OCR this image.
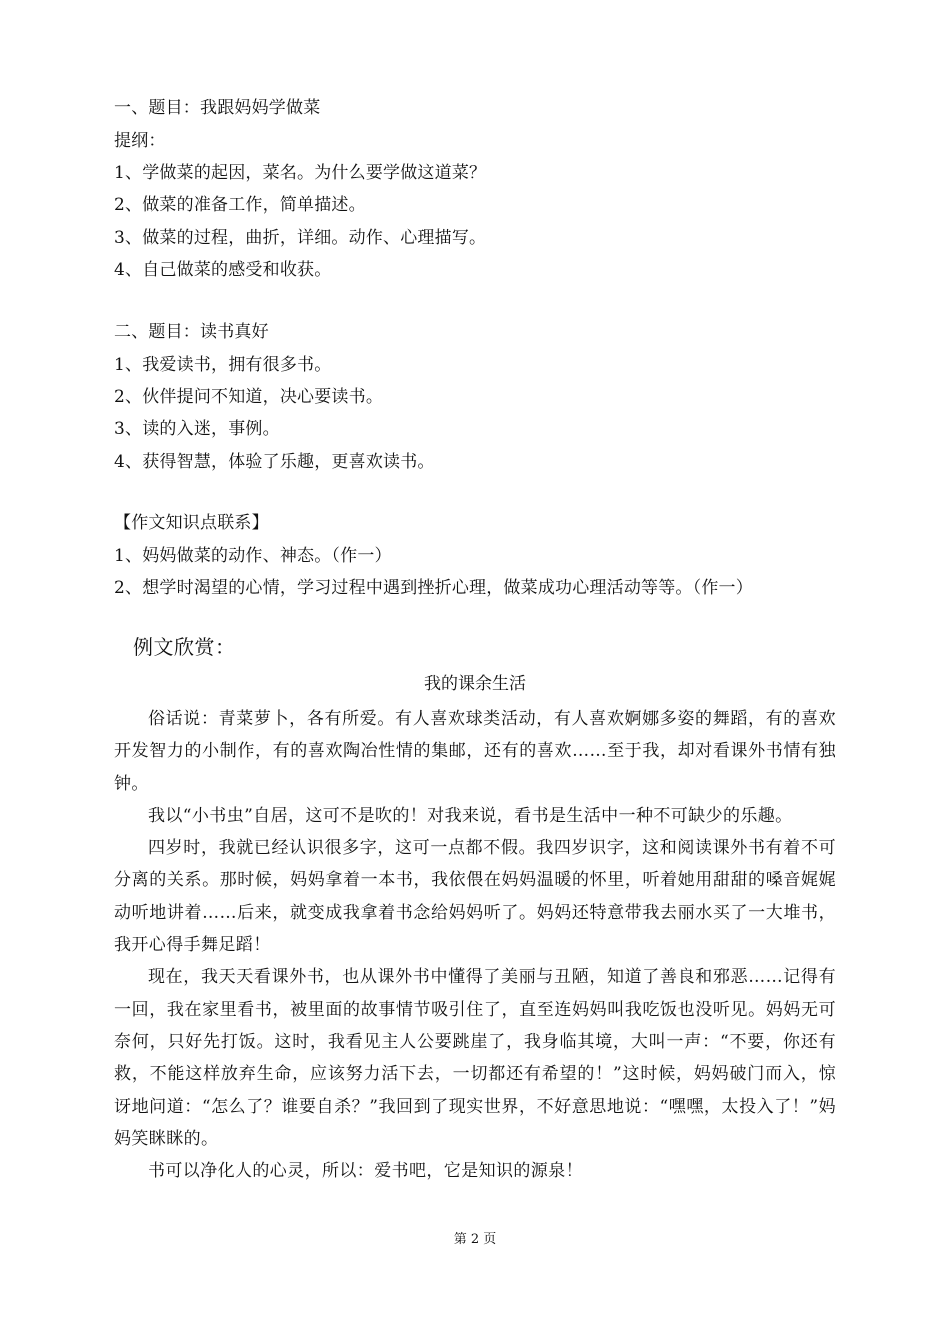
一、题目：我跟妈妈学做菜
提纲：
1、学做菜的起因，菜名。为什么要学做这道菜？
2、做菜的准备工作，简单描述。
3、做菜的过程，曲折，详细。动作、心理描写。
4、自己做菜的感受和收获。
二、题目：读书真好
1、我爱读书，拥有很多书。
2、伙伴提问不知道，决心要读书。
3、读的入迷，事例。
4、获得智慧，体验了乐趣，更喜欢读书。
【作文知识点联系】
1、妈妈做菜的动作、神态。（作一）
2、想学时渴望的心情，学习过程中遇到挫折心理，做菜成功心理活动等等。（作一）
例文欣赏：
我的课余生活

俗话说：青菜萝卜，各有所爱。有人喜欢球类活动，有人喜欢婀娜多姿的舞蹈，有的喜欢开发智力的小制作，有的喜欢陶冶性情的集邮，还有的喜欢……至于我，却对看课外书情有独钟。

我以“小书虫”自居，这可不是吹的！对我来说，看书是生活中一种不可缺少的乐趣。

四岁时，我就已经认识很多字，这可一点都不假。我四岁识字，这和阅读课外书有着不可分离的关系。那时候，妈妈拿着一本书，我依偎在妈妈温暖的怀里，听着她用甜甜的嗓音娓娓动听地讲着……后来，就变成我拿着书念给妈妈听了。妈妈还特意带我去丽水买了一大堆书，我开心得手舞足蹈！

现在，我天天看课外书，也从课外书中懂得了美丽与丑陋，知道了善良和邪恶……记得有一回，我在家里看书，被里面的故事情节吸引住了，直至连妈妈叫我吃饭也没听见。妈妈无可奈何，只好先打饭。这时，我看见主人公要跳崖了，我身临其境，大叫一声：“不要，你还有救，不能这样放弃生命，应该努力活下去，一切都还有希望的！”这时候，妈妈破门而入，惊讶地问道：“怎么了？谁要自杀？”我回到了现实世界，不好意思地说：“嘿嘿，太投入了！”妈妈笑眯眯的。

书可以净化人的心灵，所以：爱书吧，它是知识的源泉！

第 2 页
